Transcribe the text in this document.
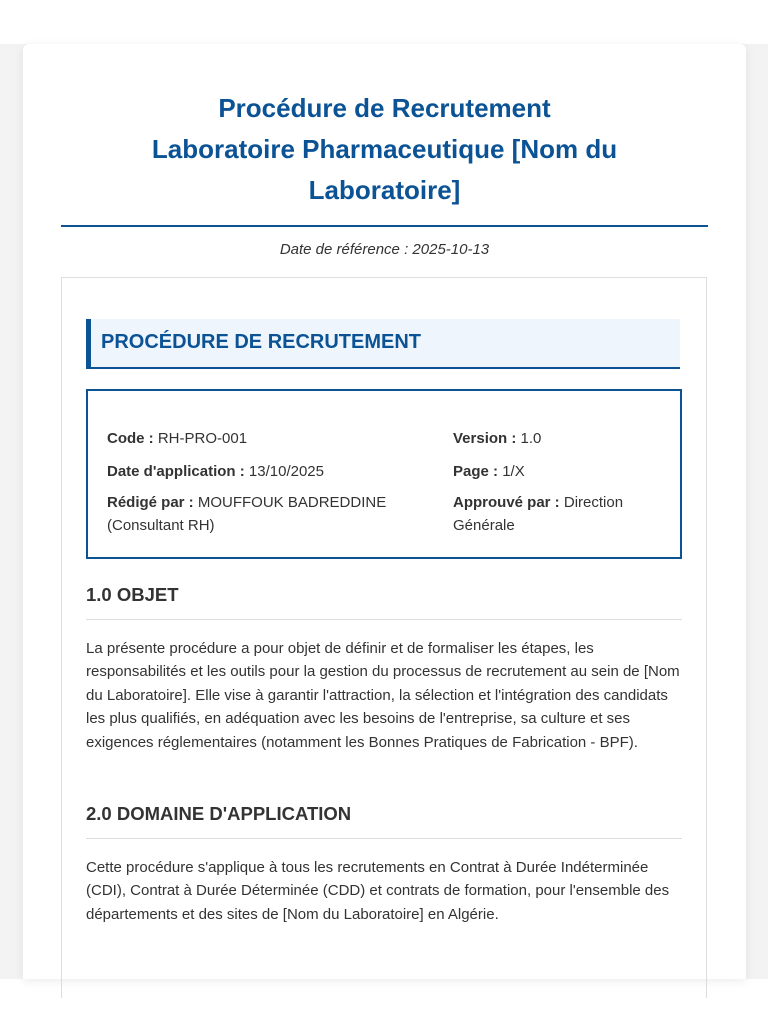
Procédure de Recrutement
Laboratoire Pharmaceutique [Nom du
Laboratoire]
Date de référence : 2025-10-13
PROCÉDURE DE RECRUTEMENT
Code : RH-PRO-001	Version : 1.0
Date d'application : 13/10/2025	Page : 1/X
Rédigé par : MOUFFOUK BADREDDINE (Consultant RH)
Approuvé par : Direction Générale
1.0 OBJET

La présente procédure a pour objet de définir et de formaliser les étapes, les responsabilités et les outils pour la gestion du processus de recrutement au sein de [Nom du Laboratoire]. Elle vise à garantir l'attraction, la sélection et l'intégration des candidats les plus qualifiés, en adéquation avec les besoins de l'entreprise, sa culture et ses exigences réglementaires (notamment les Bonnes Pratiques de Fabrication - BPF).

2.0 DOMAINE D'APPLICATION

Cette procédure s'applique à tous les recrutements en Contrat à Durée Indéterminée (CDI), Contrat à Durée Déterminée (CDD) et contrats de formation, pour l'ensemble des départements et des sites de [Nom du Laboratoire] en Algérie.
